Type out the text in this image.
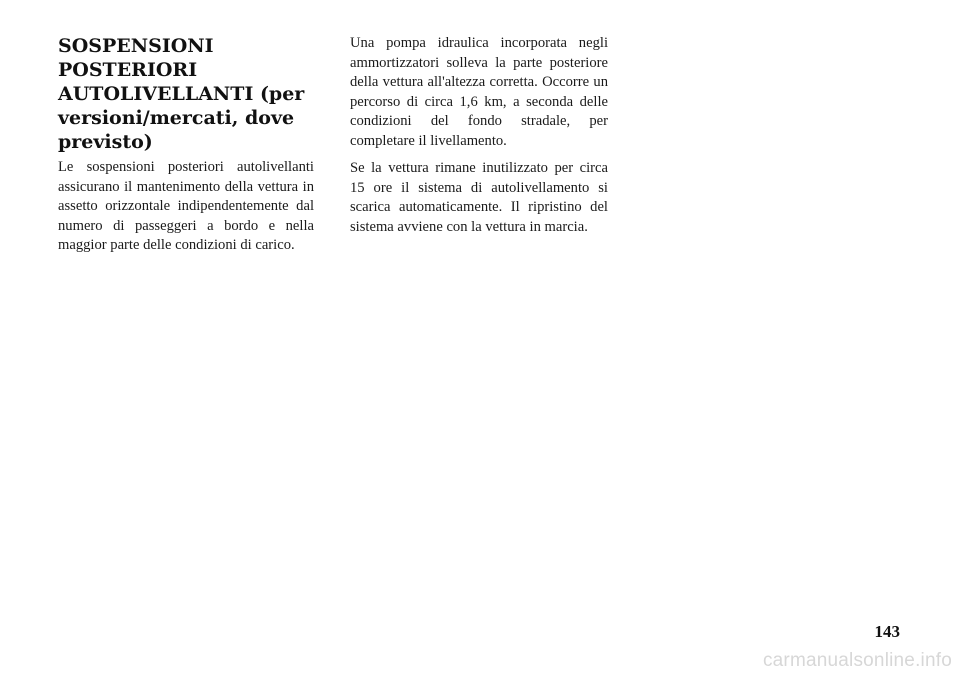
SOSPENSIONI POSTERIORI AUTOLIVELLANTI (per versioni/mercati, dove previsto)

Le sospensioni posteriori autolivellanti assicurano il mantenimento della vettura in assetto orizzontale indipendentemente dal numero di passeggeri a bordo e nella maggior parte delle condizioni di carico.

Una pompa idraulica incorporata negli ammortizzatori solleva la parte posteriore della vettura all'altezza corretta. Occorre un percorso di circa 1,6 km, a seconda delle condizioni del fondo stradale, per completare il livellamento.

Se la vettura rimane inutilizzato per circa 15 ore il sistema di autolivellamento si scarica automaticamente. Il ripristino del sistema avviene con la vettura in marcia.

143
carmanualsonline.info
